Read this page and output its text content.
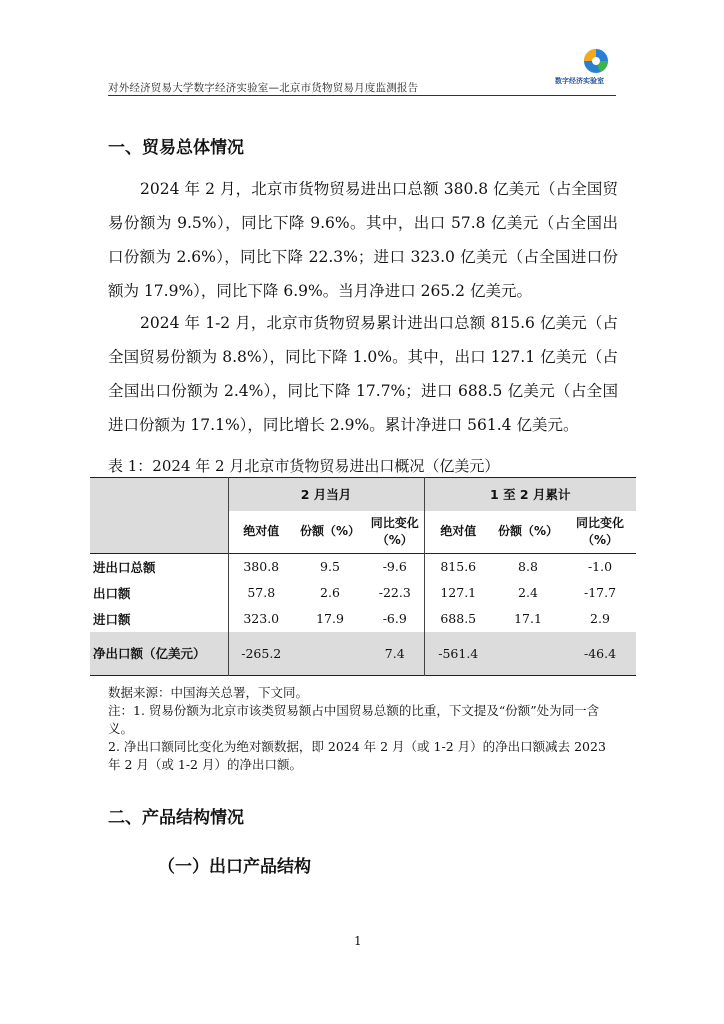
对外经济贸易大学数字经济实验室—北京市货物贸易月度监测报告
数字经济实验室
一、贸易总体情况
2024 年 2 月，北京市货物贸易进出口总额 380.8 亿美元（占全国贸易份额为 9.5%），同比下降 9.6%。其中，出口 57.8 亿美元（占全国出口份额为 2.6%），同比下降 22.3%；进口 323.0 亿美元（占全国进口份额为 17.9%），同比下降 6.9%。当月净进口 265.2 亿美元。
2024 年 1-2 月，北京市货物贸易累计进出口总额 815.6 亿美元（占全国贸易份额为 8.8%），同比下降 1.0%。其中，出口 127.1 亿美元（占全国出口份额为 2.4%），同比下降 17.7%；进口 688.5 亿美元（占全国进口份额为 17.1%），同比增长 2.9%。累计净进口 561.4 亿美元。
表 1：2024 年 2 月北京市货物贸易进出口概况（亿美元）
	2 月当月			1 至 2 月累计		
	绝对值	份额（%）	同比变化（%）	绝对值	份额（%）	同比变化（%）
进出口总额	380.8	9.5	-9.6	815.6	8.8	-1.0
出口额	57.8	2.6	-22.3	127.1	2.4	-17.7
进口额	323.0	17.9	-6.9	688.5	17.1	2.9
净出口额（亿美元）	-265.2		7.4	-561.4		-46.4
数据来源：中国海关总署，下文同。
注：1. 贸易份额为北京市该类贸易额占中国贸易总额的比重，下文提及“份额”处为同一含义。
2. 净出口额同比变化为绝对额数据，即 2024 年 2 月（或 1-2 月）的净出口额减去 2023 年 2 月（或 1-2 月）的净出口额。
二、产品结构情况
（一）出口产品结构
1
